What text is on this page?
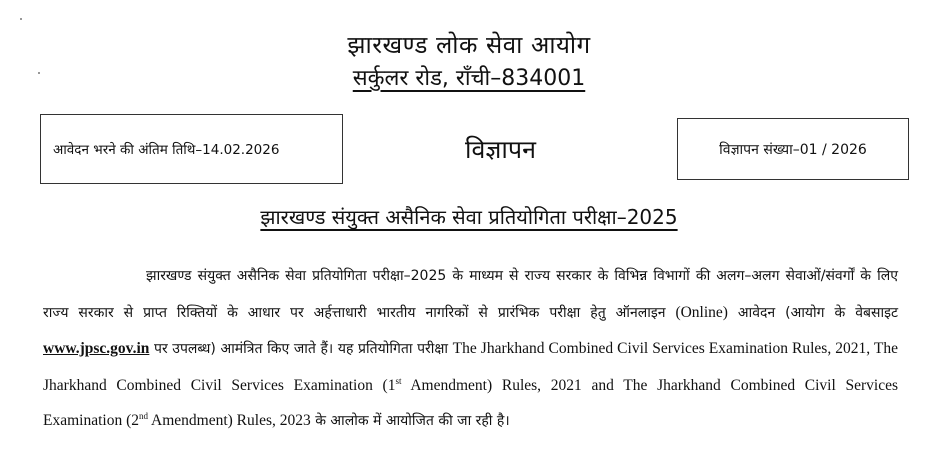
झारखण्ड लोक सेवा आयोग
सर्कुलर रोड, राँची–834001
आवेदन भरने की अंतिम तिथि–14.02.2026	विज्ञापन	विज्ञापन संख्या–01 / 2026
झारखण्ड संयुक्त असैनिक सेवा प्रतियोगिता परीक्षा–2025
झारखण्ड संयुक्त असैनिक सेवा प्रतियोगिता परीक्षा–2025 के माध्यम से राज्य सरकार के विभिन्न विभागों की अलग–अलग सेवाओं/संवर्गों के लिए राज्य सरकार से प्राप्त रिक्तियों के आधार पर अर्हत्ताधारी भारतीय नागरिकों से प्रारंभिक परीक्षा हेतु ऑनलाइन (Online) आवेदन (आयोग के वेबसाइट www.jpsc.gov.in पर उपलब्ध) आमंत्रित किए जाते हैं। यह प्रतियोगिता परीक्षा The Jharkhand Combined Civil Services Examination Rules, 2021, The Jharkhand Combined Civil Services Examination (1st Amendment) Rules, 2021 and The Jharkhand Combined Civil Services Examination (2nd Amendment) Rules, 2023 के आलोक में आयोजित की जा रही है।
